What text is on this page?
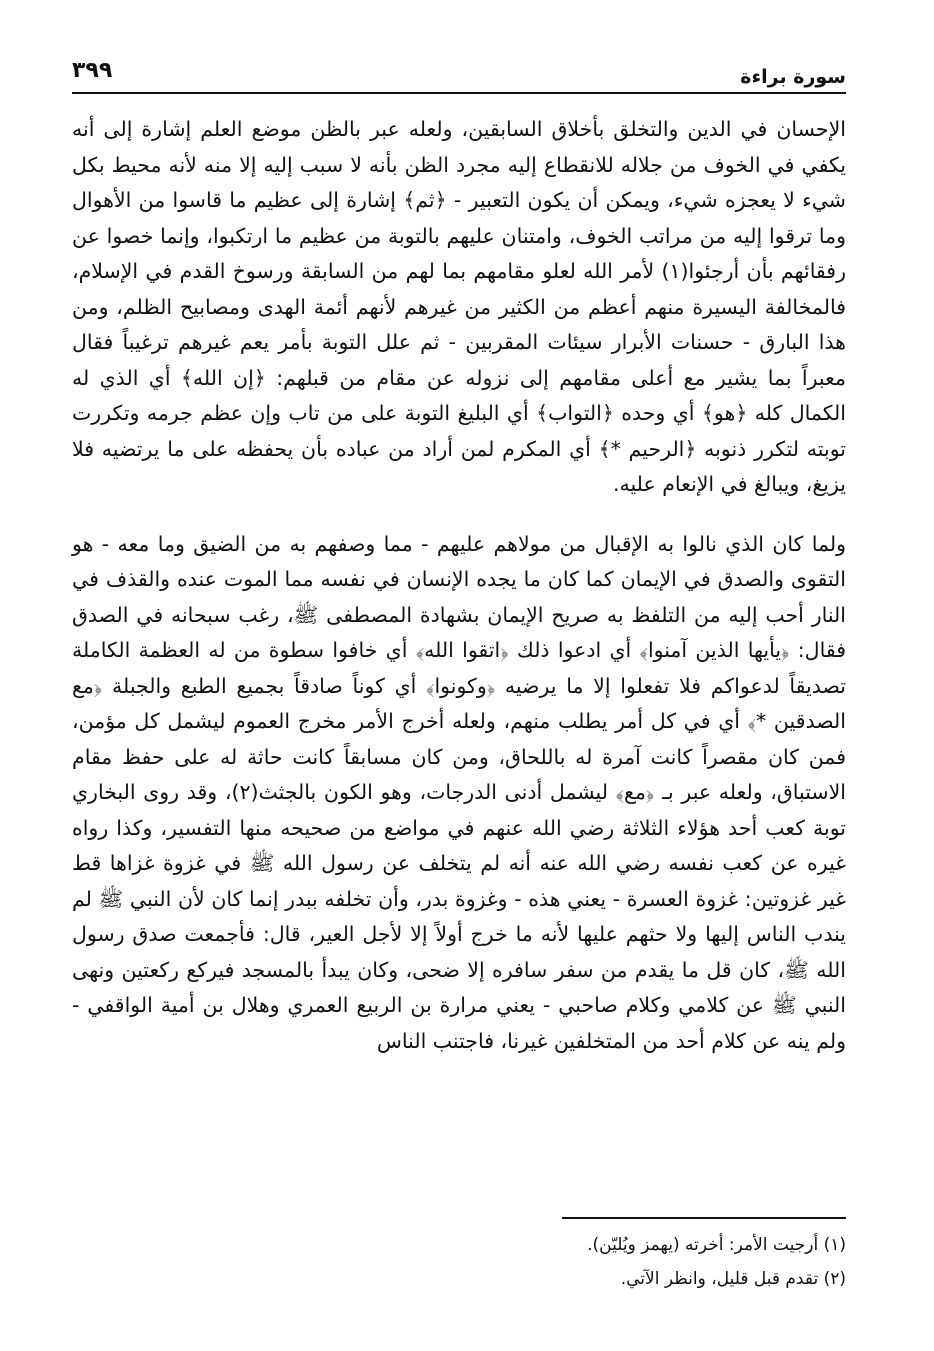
سورة براءة
٣٩٩

الإحسان في الدين والتخلق بأخلاق السابقين، ولعله عبر بالظن موضع العلم إشارة إلى أنه يكفي في الخوف من جلاله للانقطاع إليه مجرد الظن بأنه لا سبب إليه إلا منه لأنه محيط بكل شيء لا يعجزه شيء، ويمكن أن يكون التعبير - ﴿ثم﴾ إشارة إلى عظيم ما قاسوا من الأهوال وما ترقوا إليه من مراتب الخوف، وامتنان عليهم بالتوبة من عظيم ما ارتكبوا، وإنما خصوا عن رفقائهم بأن أرجئوا(١) لأمر الله لعلو مقامهم بما لهم من السابقة ورسوخ القدم في الإسلام، فالمخالفة اليسيرة منهم أعظم من الكثير من غيرهم لأنهم أئمة الهدى ومصابيح الظلم، ومن هذا البارق - حسنات الأبرار سيئات المقربين - ثم علل التوبة بأمر يعم غيرهم ترغيباً فقال معبراً بما يشير مع أعلى مقامهم إلى نزوله عن مقام من قبلهم: ﴿إن الله﴾ أي الذي له الكمال كله ﴿هو﴾ أي وحده ﴿التواب﴾ أي البليغ التوبة على من تاب وإن عظم جرمه وتكررت توبته لتكرر ذنوبه ﴿الرحيم *﴾ أي المكرم لمن أراد من عباده بأن يحفظه على ما يرتضيه فلا يزيغ، ويبالغ في الإنعام عليه.

ولما كان الذي نالوا به الإقبال من مولاهم عليهم - مما وصفهم به من الضيق وما معه - هو التقوى والصدق في الإيمان كما كان ما يجده الإنسان في نفسه مما الموت عنده والقذف في النار أحب إليه من التلفظ به صريح الإيمان بشهادة المصطفى ﷺ، رغب سبحانه في الصدق فقال: ﴿يأيها الذين آمنوا﴾ أي ادعوا ذلك ﴿اتقوا الله﴾ أي خافوا سطوة من له العظمة الكاملة تصديقاً لدعواكم فلا تفعلوا إلا ما يرضيه ﴿وكونوا﴾ أي كوناً صادقاً بجميع الطبع والجبلة ﴿مع الصدقين *﴾ أي في كل أمر يطلب منهم، ولعله أخرج الأمر مخرج العموم ليشمل كل مؤمن، فمن كان مقصراً كانت آمرة له باللحاق، ومن كان مسابقاً كانت حاثة له على حفظ مقام الاستباق، ولعله عبر بـ ﴿مع﴾ ليشمل أدنى الدرجات، وهو الكون بالجثث(٢)، وقد روى البخاري توبة كعب أحد هؤلاء الثلاثة رضي الله عنهم في مواضع من صحيحه منها التفسير، وكذا رواه غيره عن كعب نفسه رضي الله عنه أنه لم يتخلف عن رسول الله ﷺ في غزوة غزاها قط غير غزوتين: غزوة العسرة - يعني هذه - وغزوة بدر، وأن تخلفه ببدر إنما كان لأن النبي ﷺ لم يندب الناس إليها ولا حثهم عليها لأنه ما خرج أولاً إلا لأجل العير، قال: فأجمعت صدق رسول الله ﷺ، كان قل ما يقدم من سفر سافره إلا ضحى، وكان يبدأ بالمسجد فيركع ركعتين ونهى النبي ﷺ عن كلامي وكلام صاحبي - يعني مرارة بن الربيع العمري وهلال بن أمية الواقفي - ولم ينه عن كلام أحد من المتخلفين غيرنا، فاجتنب الناس

(١) أرجيت الأمر: أخرته (يهمز ويُليّن).

(٢) تقدم قبل قليل، وانظر الآتي.
